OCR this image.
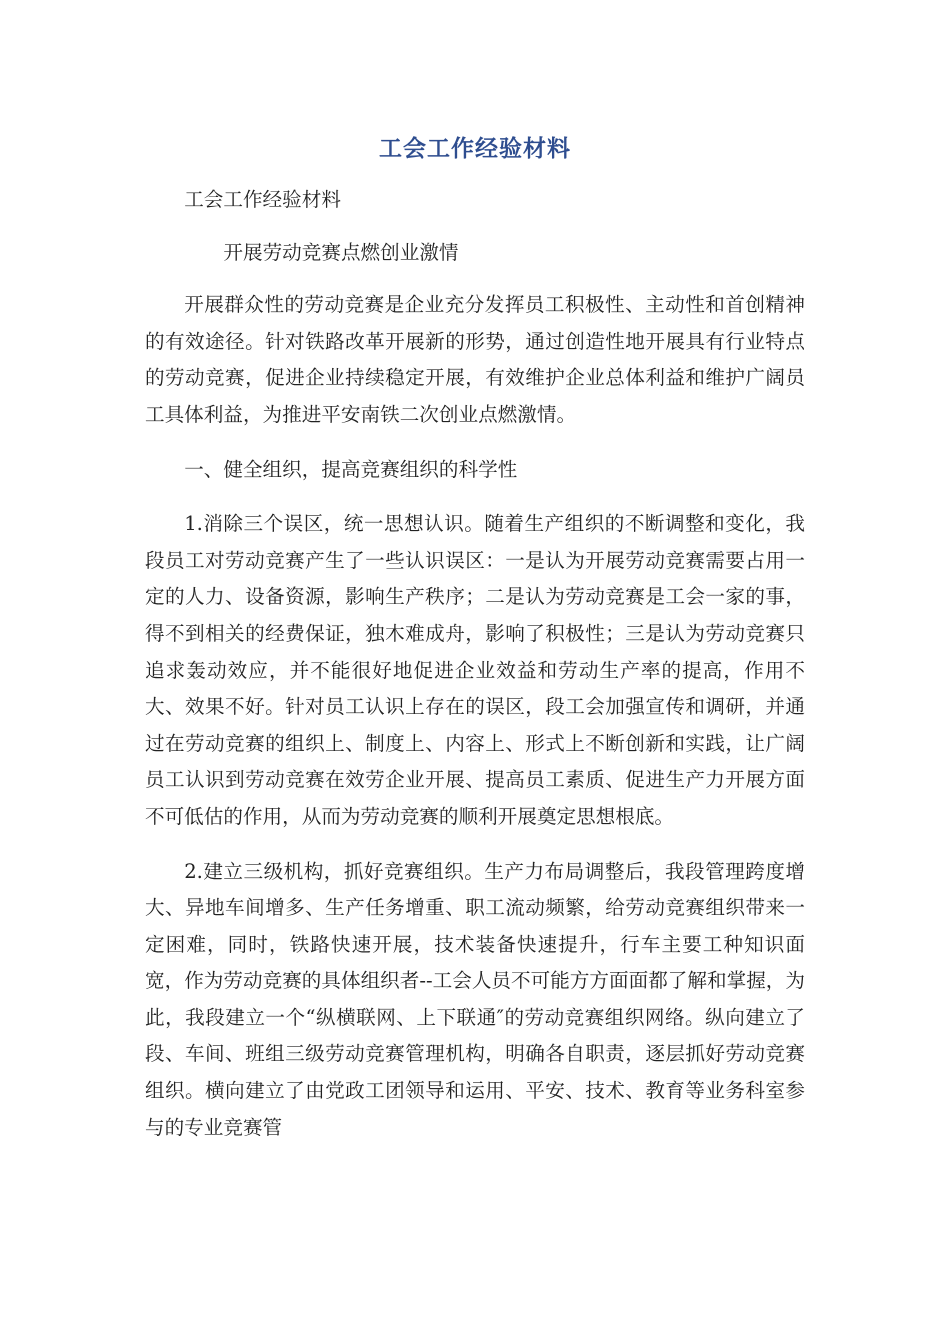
工会工作经验材料

工会工作经验材料

开展劳动竞赛点燃创业激情

开展群众性的劳动竞赛是企业充分发挥员工积极性、主动性和首创精神的有效途径。针对铁路改革开展新的形势，通过创造性地开展具有行业特点的劳动竞赛，促进企业持续稳定开展，有效维护企业总体利益和维护广阔员工具体利益，为推进平安南铁二次创业点燃激情。

一、健全组织，提高竞赛组织的科学性

1.消除三个误区，统一思想认识。随着生产组织的不断调整和变化，我段员工对劳动竞赛产生了一些认识误区：一是认为开展劳动竞赛需要占用一定的人力、设备资源，影响生产秩序；二是认为劳动竞赛是工会一家的事，得不到相关的经费保证，独木难成舟，影响了积极性；三是认为劳动竞赛只追求轰动效应，并不能很好地促进企业效益和劳动生产率的提高，作用不大、效果不好。针对员工认识上存在的误区，段工会加强宣传和调研，并通过在劳动竞赛的组织上、制度上、内容上、形式上不断创新和实践，让广阔员工认识到劳动竞赛在效劳企业开展、提高员工素质、促进生产力开展方面不可低估的作用，从而为劳动竞赛的顺利开展奠定思想根底。

2.建立三级机构，抓好竞赛组织。生产力布局调整后，我段管理跨度增大、异地车间增多、生产任务增重、职工流动频繁，给劳动竞赛组织带来一定困难，同时，铁路快速开展，技术装备快速提升，行车主要工种知识面宽，作为劳动竞赛的具体组织者--工会人员不可能方方面面都了解和掌握，为此，我段建立一个“纵横联网、上下联通″的劳动竞赛组织网络。纵向建立了段、车间、班组三级劳动竞赛管理机构，明确各自职责，逐层抓好劳动竞赛组织。横向建立了由党政工团领导和运用、平安、技术、教育等业务科室参与的专业竞赛管
